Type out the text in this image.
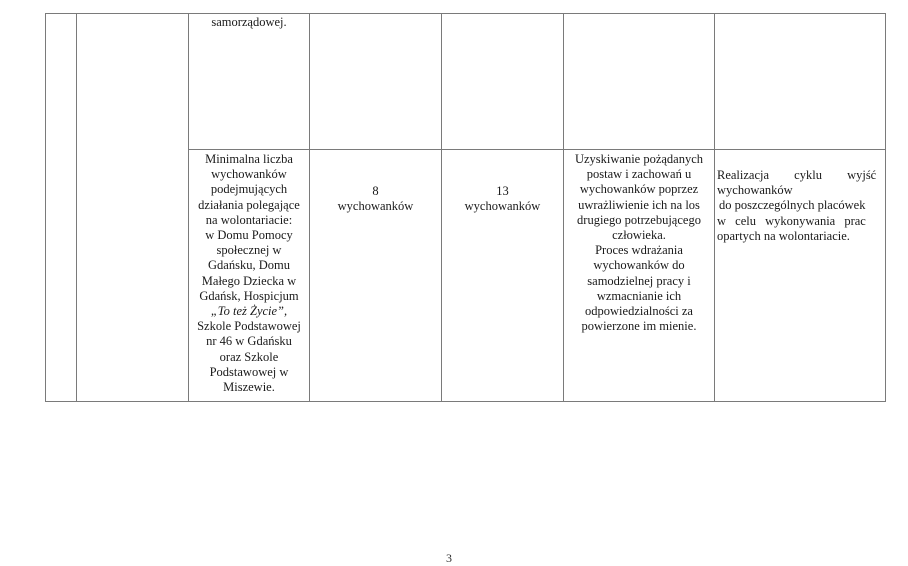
samorządowej.
Minimalna liczba
wychowanków
podejmujących
działania polegające
na wolontariacie:
w Domu Pomocy
społecznej w
Gdańsku, Domu
Małego Dziecka w
Gdańsk, Hospicjum
„To też Życie”,
Szkole Podstawowej
nr 46 w Gdańsku
oraz Szkole
Podstawowej w
Miszewie.
8
wychowanków
13
wychowanków
Uzyskiwanie pożądanych
postaw i zachowań u
wychowanków poprzez
uwrażliwienie ich na los
drugiego potrzebującego
człowieka.
Proces wdrażania
wychowanków do
samodzielnej pracy i
wzmacnianie ich
odpowiedzialności za
powierzone im mienie.
Realizacja cyklu wyjść
wychowanków
do poszczególnych placówek
w celu wykonywania prac
opartych na wolontariacie.
3
